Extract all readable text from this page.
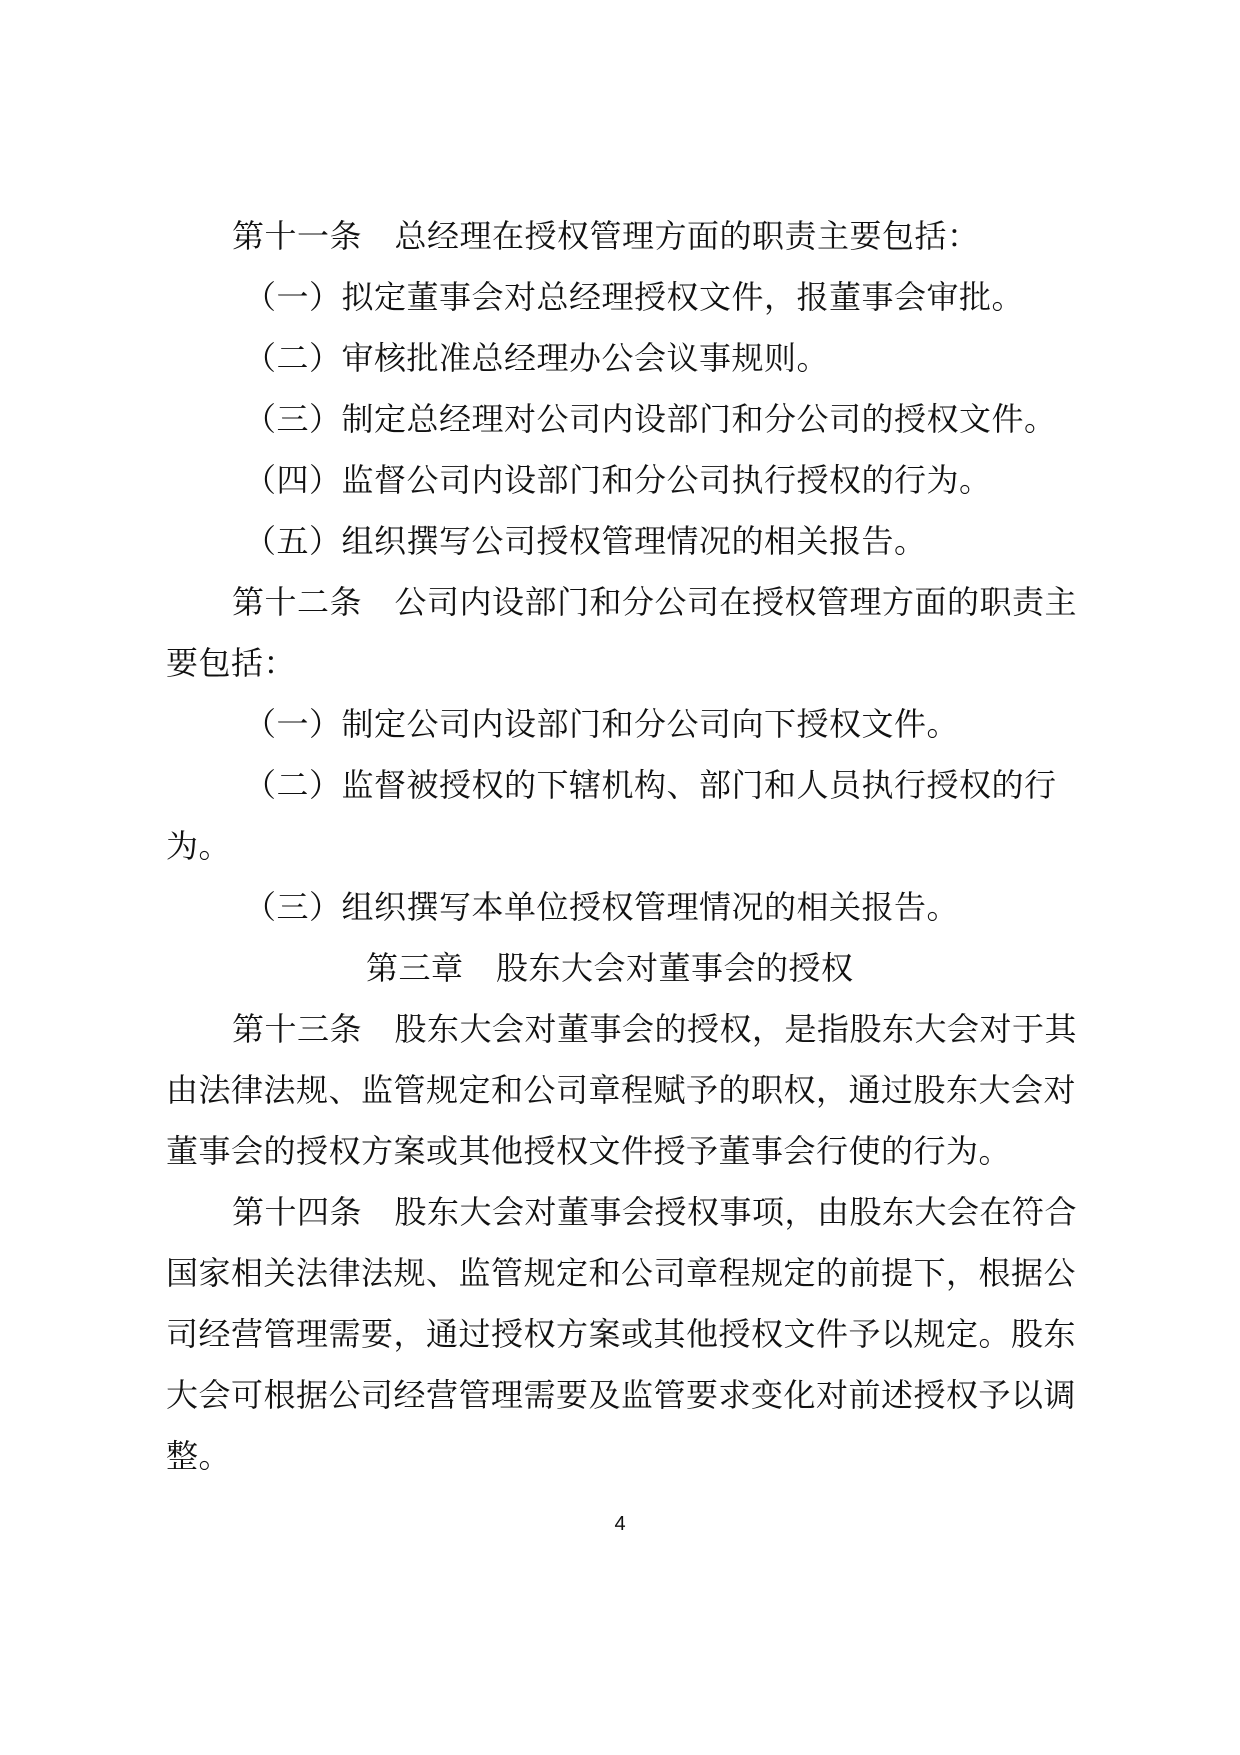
第十一条　总经理在授权管理方面的职责主要包括：

（一）拟定董事会对总经理授权文件，报董事会审批。

（二）审核批准总经理办公会议事规则。

（三）制定总经理对公司内设部门和分公司的授权文件。

（四）监督公司内设部门和分公司执行授权的行为。

（五）组织撰写公司授权管理情况的相关报告。

第十二条　公司内设部门和分公司在授权管理方面的职责主要包括：

（一）制定公司内设部门和分公司向下授权文件。

（二）监督被授权的下辖机构、部门和人员执行授权的行为。

（三）组织撰写本单位授权管理情况的相关报告。

第三章　股东大会对董事会的授权

第十三条　股东大会对董事会的授权，是指股东大会对于其由法律法规、监管规定和公司章程赋予的职权，通过股东大会对董事会的授权方案或其他授权文件授予董事会行使的行为。

第十四条　股东大会对董事会授权事项，由股东大会在符合国家相关法律法规、监管规定和公司章程规定的前提下，根据公司经营管理需要，通过授权方案或其他授权文件予以规定。股东大会可根据公司经营管理需要及监管要求变化对前述授权予以调整。

4
